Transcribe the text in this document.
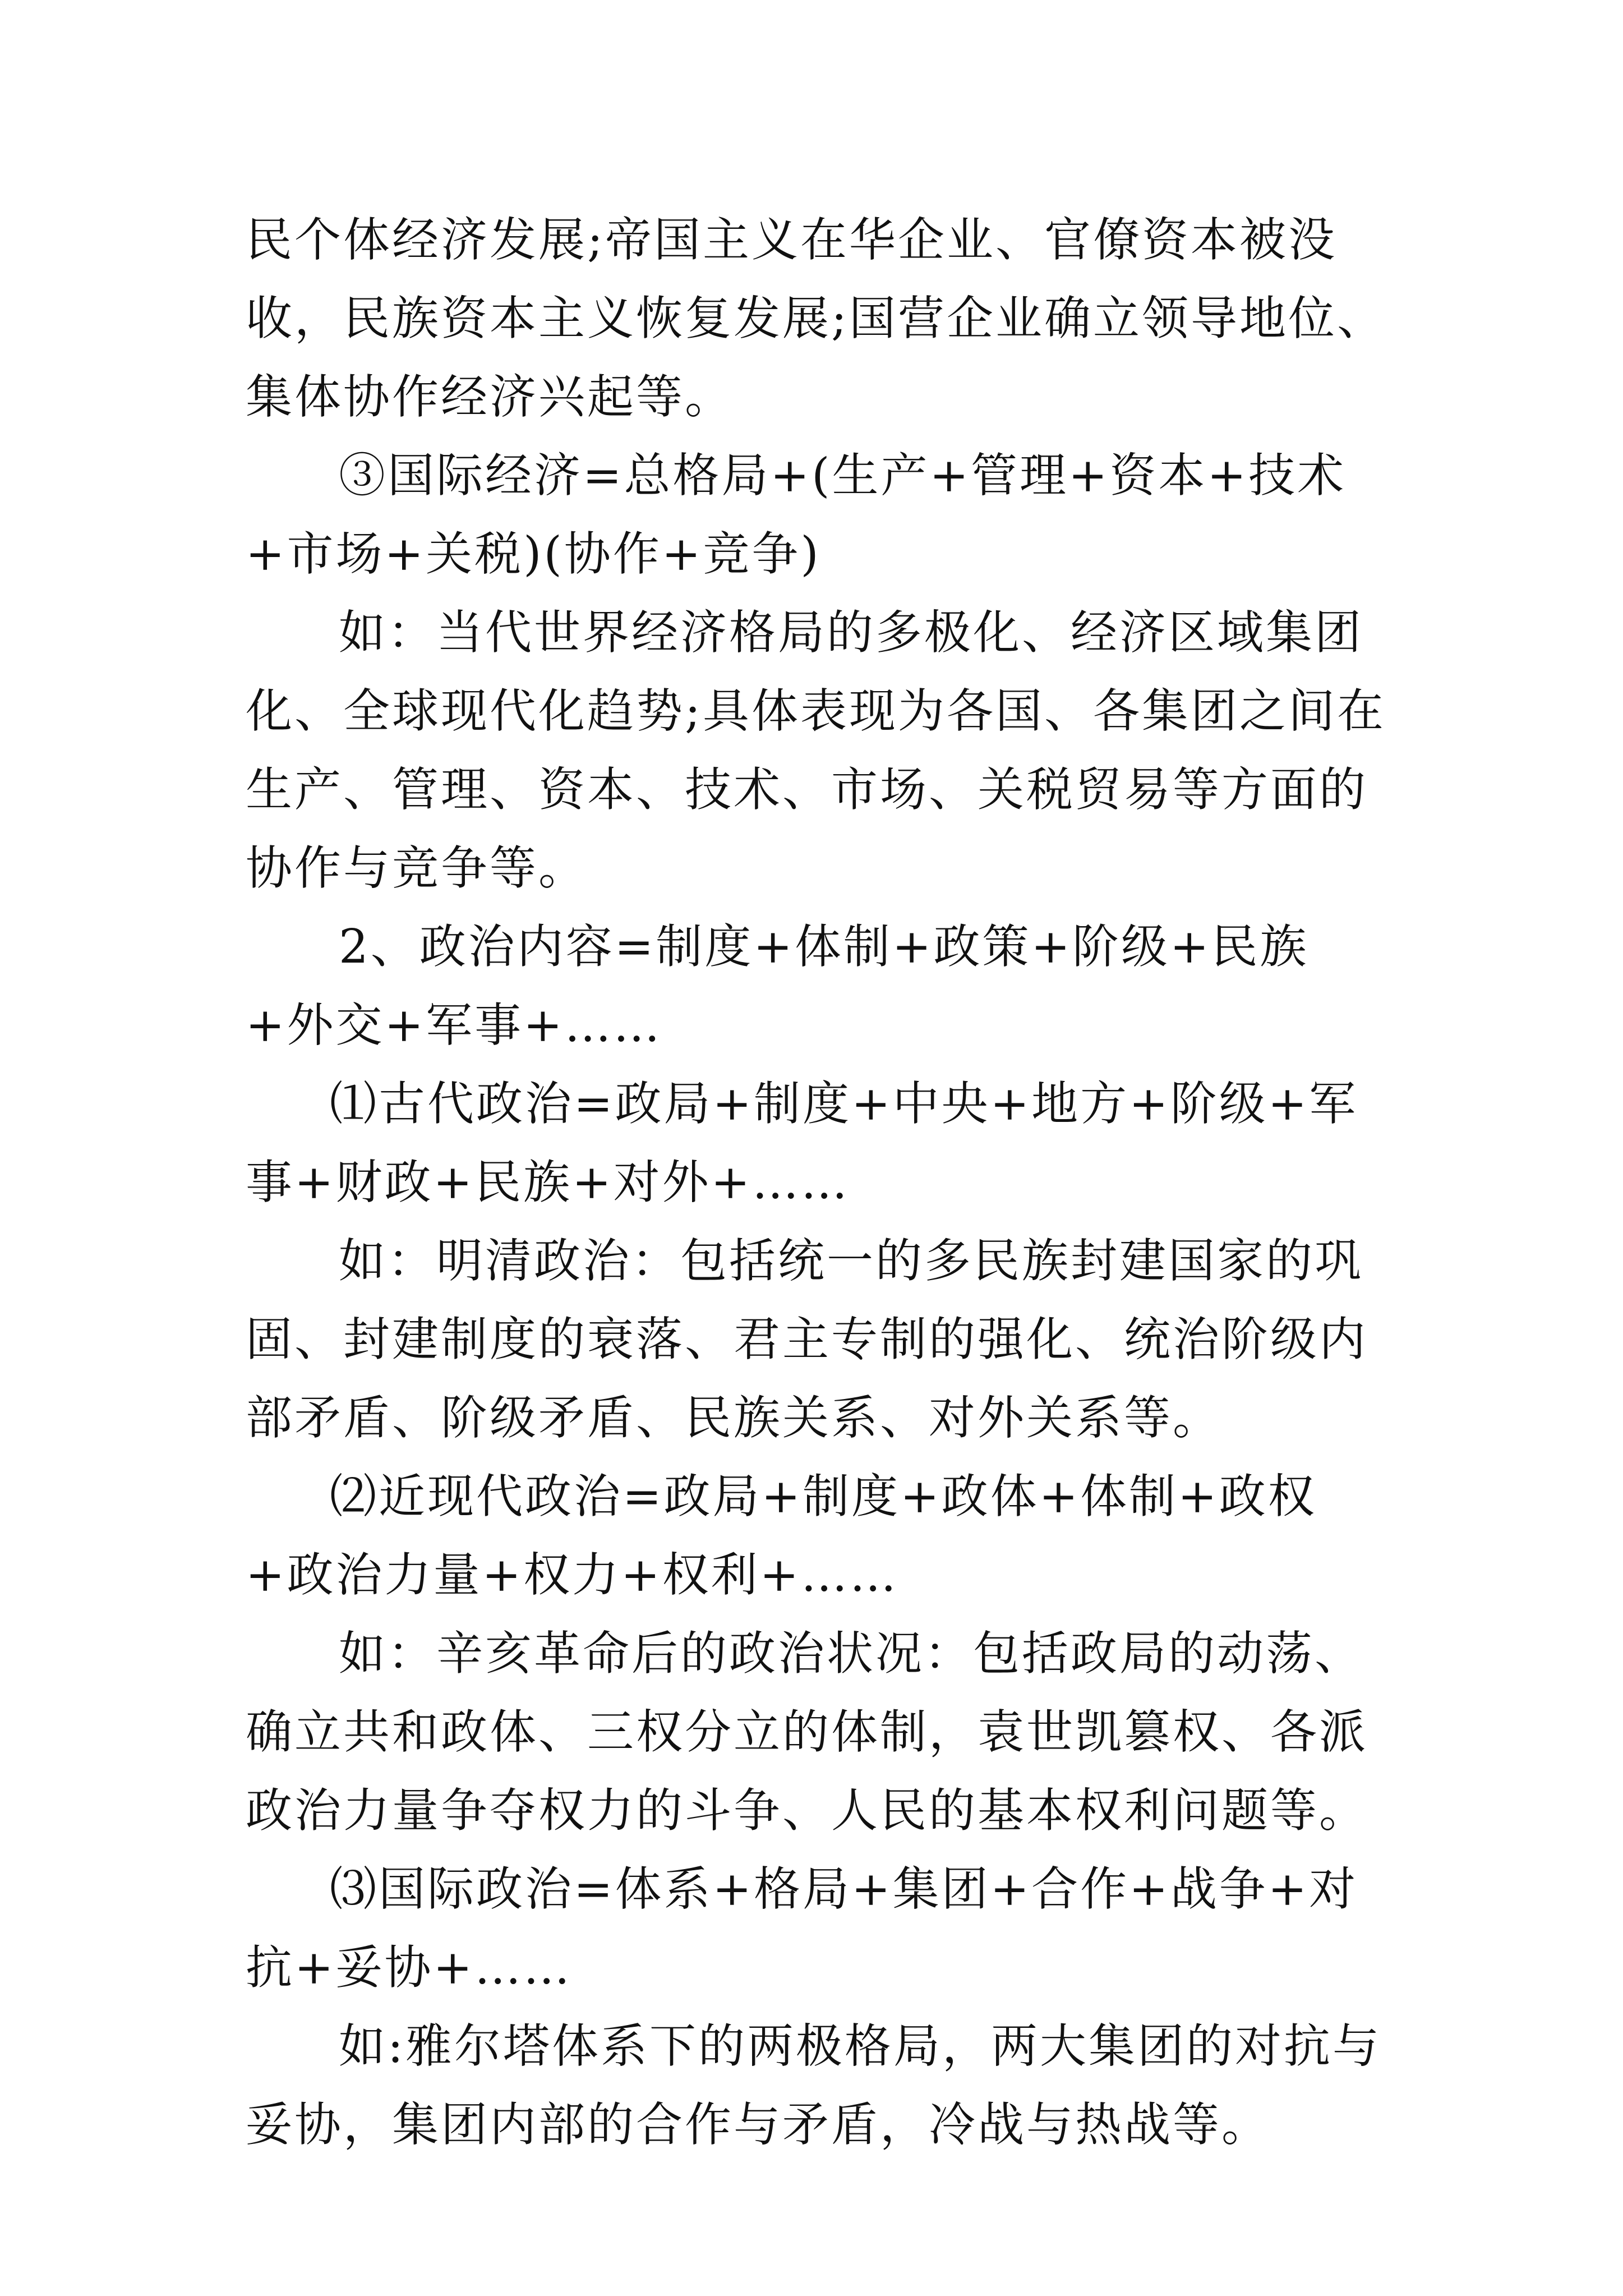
民个体经济发展;帝国主义在华企业、官僚资本被没收，民族资本主义恢复发展;国营企业确立领导地位、集体协作经济兴起等。

③国际经济=总格局+(生产+管理+资本+技术+市场+关税)(协作+竞争)

如：当代世界经济格局的多极化、经济区域集团化、全球现代化趋势;具体表现为各国、各集团之间在生产、管理、资本、技术、市场、关税贸易等方面的协作与竞争等。

2、政治内容=制度+体制+政策+阶级+民族+外交+军事+……

⑴古代政治=政局+制度+中央+地方+阶级+军事+财政+民族+对外+……

如：明清政治：包括统一的多民族封建国家的巩固、封建制度的衰落、君主专制的强化、统治阶级内部矛盾、阶级矛盾、民族关系、对外关系等。

⑵近现代政治=政局+制度+政体+体制+政权+政治力量+权力+权利+……

如：辛亥革命后的政治状况：包括政局的动荡、确立共和政体、三权分立的体制，袁世凯篡权、各派政治力量争夺权力的斗争、人民的基本权利问题等。

⑶国际政治=体系+格局+集团+合作+战争+对抗+妥协+……

如:雅尔塔体系下的两极格局，两大集团的对抗与妥协，集团内部的合作与矛盾，冷战与热战等。
